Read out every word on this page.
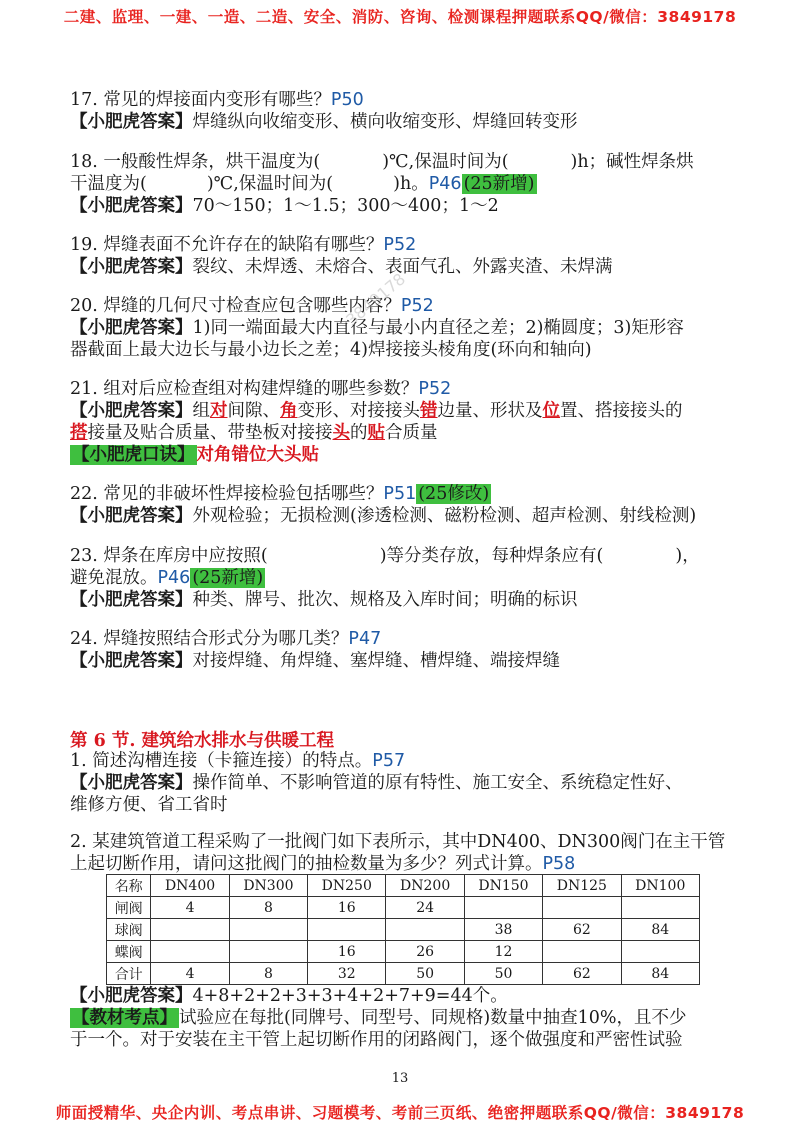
二建、监理、一建、一造、二造、安全、消防、咨询、检测课程押题联系QQ/微信：3849178
17. 常见的焊接面内变形有哪些？P50
【小肥虎答案】焊缝纵向收缩变形、横向收缩变形、焊缝回转变形
18. 一般酸性焊条，烘干温度为(	)℃,保温时间为(	)h；碱性焊条烘
干温度为(	)℃,保温时间为(	)h。P46 (25新增)
【小肥虎答案】70～150；1～1.5；300～400；1～2
19. 焊缝表面不允许存在的缺陷有哪些？P52
【小肥虎答案】裂纹、未焊透、未熔合、表面气孔、外露夹渣、未焊满
20. 焊缝的几何尺寸检查应包含哪些内容？P52
【小肥虎答案】1)同一端面最大内直径与最小内直径之差；2)椭圆度；3)矩形容
器截面上最大边长与最小边长之差；4)焊接接头棱角度(环向和轴向)
21. 组对后应检查组对构建焊缝的哪些参数？P52
【小肥虎答案】组对间隙、角变形、对接接头错边量、形状及位置、搭接接头的
搭接量及贴合质量、带垫板对接接头的贴合质量
【小肥虎口诀】 对角错位大头贴
22. 常见的非破坏性焊接检验包括哪些？P51 (25修改)
【小肥虎答案】外观检验；无损检测(渗透检测、磁粉检测、超声检测、射线检测)
23. 焊条在库房中应按照(	)等分类存放，每种焊条应有(	)，
避免混放。P46 (25新增)
【小肥虎答案】种类、牌号、批次、规格及入库时间；明确的标识
24. 焊缝按照结合形式分为哪几类？P47
【小肥虎答案】对接焊缝、角焊缝、塞焊缝、槽焊缝、端接焊缝
第 6 节. 建筑给水排水与供暖工程
1. 简述沟槽连接（卡箍连接）的特点。P57
【小肥虎答案】操作简单、不影响管道的原有特性、施工安全、系统稳定性好、
维修方便、省工省时
2. 某建筑管道工程采购了一批阀门如下表所示，其中DN400、DN300阀门在主干管
上起切断作用，请问这批阀门的抽检数量为多少？列式计算。P58
名称	DN400	DN300	DN250	DN200	DN150	DN125	DN100
闸阀	4	8	16	24			
球阀					38	62	84
蝶阀			16	26	12		
合计	4	8	32	50	50	62	84
【小肥虎答案】4+8+2+2+3+3+4+2+7+9=44个。
【教材考点】 试验应在每批(同牌号、同型号、同规格)数量中抽查10%，且不少
于一个。对于安装在主干管上起切断作用的闭路阀门，逐个做强度和严密性试验
3849178
13
师面授精华、央企内训、考点串讲、习题模考、考前三页纸、绝密押题联系QQ/微信：3849178
